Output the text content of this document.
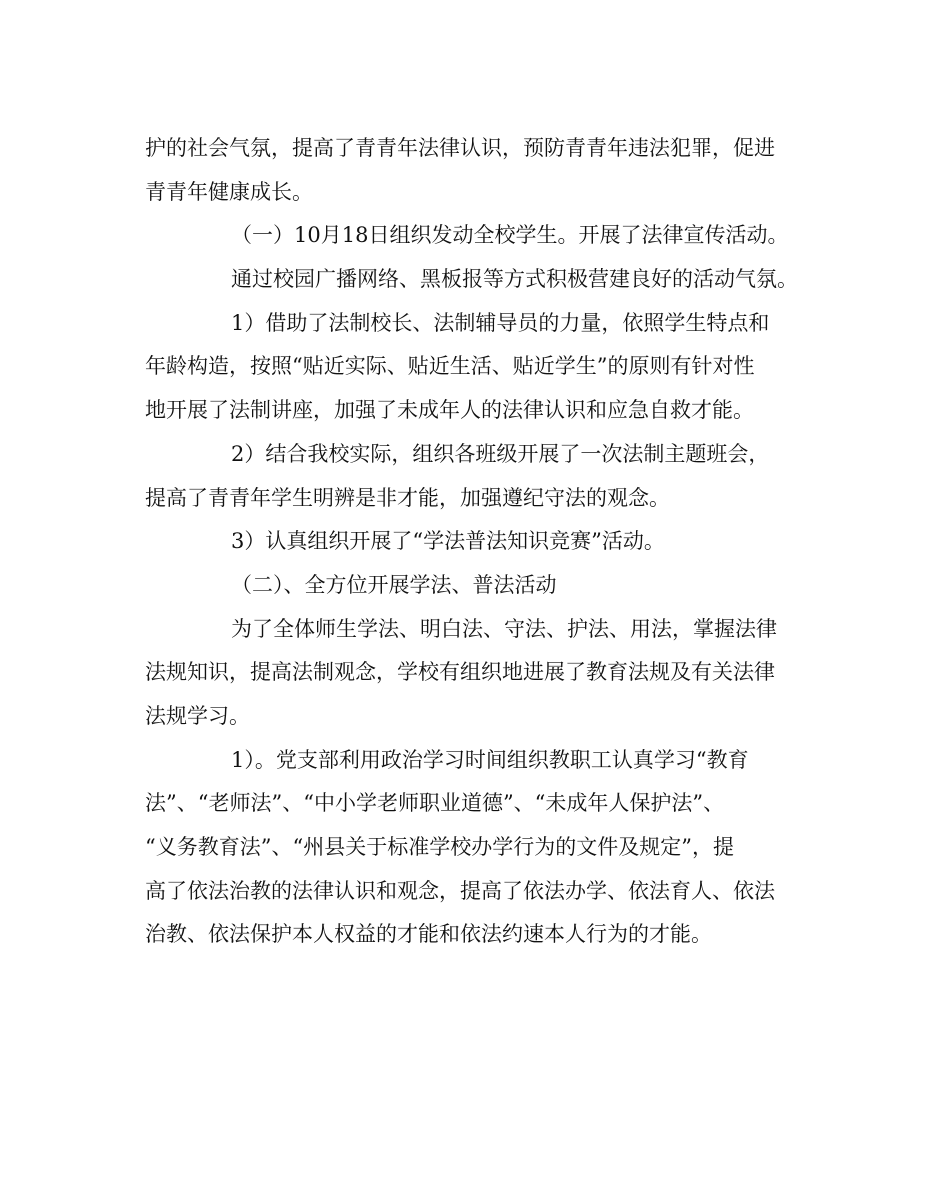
护的社会气氛，提高了青青年法律认识，预防青青年违法犯罪，促进
青青年健康成长。
（一）10月18日组织发动全校学生。开展了法律宣传活动。
通过校园广播网络、黑板报等方式积极营建良好的活动气氛。
1）借助了法制校长、法制辅导员的力量，依照学生特点和
年龄构造，按照“贴近实际、贴近生活、贴近学生”的原则有针对性
地开展了法制讲座，加强了未成年人的法律认识和应急自救才能。
2）结合我校实际，组织各班级开展了一次法制主题班会，
提高了青青年学生明辨是非才能，加强遵纪守法的观念。
3）认真组织开展了“学法普法知识竞赛”活动。
（二）、全方位开展学法、普法活动
为了全体师生学法、明白法、守法、护法、用法，掌握法律
法规知识，提高法制观念，学校有组织地进展了教育法规及有关法律
法规学习。
1）。党支部利用政治学习时间组织教职工认真学习“教育
法”、“老师法”、“中小学老师职业道德”、“未成年人保护法”、
“义务教育法”、“州县关于标准学校办学行为的文件及规定”，提
高了依法治教的法律认识和观念，提高了依法办学、依法育人、依法
治教、依法保护本人权益的才能和依法约速本人行为的才能。
